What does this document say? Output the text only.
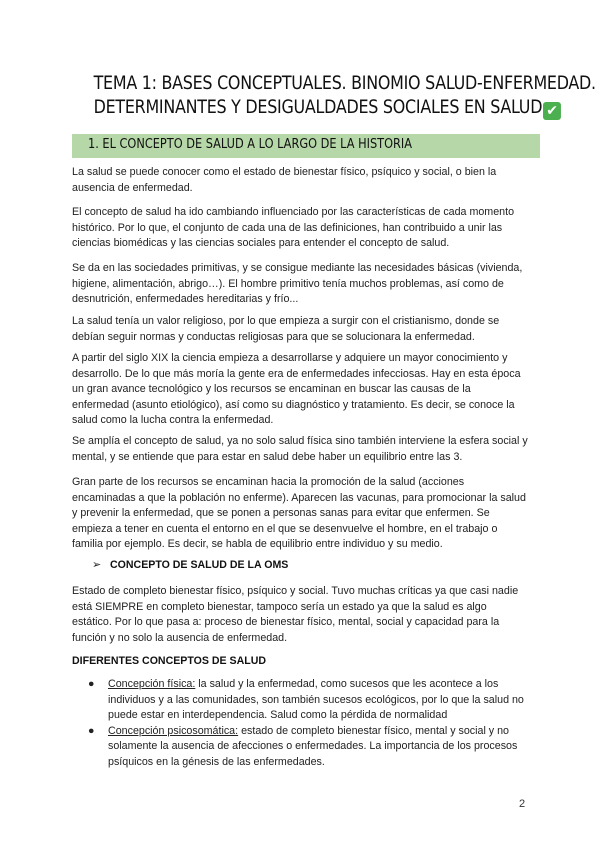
TEMA 1: BASES CONCEPTUALES. BINOMIO SALUD-ENFERMEDAD.
DETERMINANTES Y DESIGUALDADES SOCIALES EN SALUD ✔
1. EL CONCEPTO DE SALUD A LO LARGO DE LA HISTORIA

La salud se puede conocer como el estado de bienestar físico, psíquico y social, o bien la ausencia de enfermedad.

El concepto de salud ha ido cambiando influenciado por las características de cada momento histórico. Por lo que, el conjunto de cada una de las definiciones, han contribuido a unir las ciencias biomédicas y las ciencias sociales para entender el concepto de salud.

Se da en las sociedades primitivas, y se consigue mediante las necesidades básicas (vivienda, higiene, alimentación, abrigo…). El hombre primitivo tenía muchos problemas, así como de desnutrición, enfermedades hereditarias y frío...

La salud tenía un valor religioso, por lo que empieza a surgir con el cristianismo, donde se debían seguir normas y conductas religiosas para que se solucionara la enfermedad.

A partir del siglo XIX la ciencia empieza a desarrollarse y adquiere un mayor conocimiento y desarrollo. De lo que más moría la gente era de enfermedades infecciosas. Hay en esta época un gran avance tecnológico y los recursos se encaminan en buscar las causas de la enfermedad (asunto etiológico), así como su diagnóstico y tratamiento. Es decir, se conoce la salud como la lucha contra la enfermedad.

Se amplía el concepto de salud, ya no solo salud física sino también interviene la esfera social y mental, y se entiende que para estar en salud debe haber un equilibrio entre las 3.

Gran parte de los recursos se encaminan hacia la promoción de la salud (acciones encaminadas a que la población no enferme). Aparecen las vacunas, para promocionar la salud y prevenir la enfermedad, que se ponen a personas sanas para evitar que enfermen. Se empieza a tener en cuenta el entorno en el que se desenvuelve el hombre, en el trabajo o familia por ejemplo. Es decir, se habla de equilibrio entre individuo y su medio.

➢ CONCEPTO DE SALUD DE LA OMS

Estado de completo bienestar físico, psíquico y social. Tuvo muchas críticas ya que casi nadie está SIEMPRE en completo bienestar, tampoco sería un estado ya que la salud es algo estático. Por lo que pasa a: proceso de bienestar físico, mental, social y capacidad para la función y no solo la ausencia de enfermedad.

DIFERENTES CONCEPTOS DE SALUD
● Concepción física: la salud y la enfermedad, como sucesos que les acontece a los individuos y a las comunidades, son también sucesos ecológicos, por lo que la salud no puede estar en interdependencia. Salud como la pérdida de normalidad
● Concepción psicosomática: estado de completo bienestar físico, mental y social y no solamente la ausencia de afecciones o enfermedades. La importancia de los procesos psíquicos en la génesis de las enfermedades.
2
